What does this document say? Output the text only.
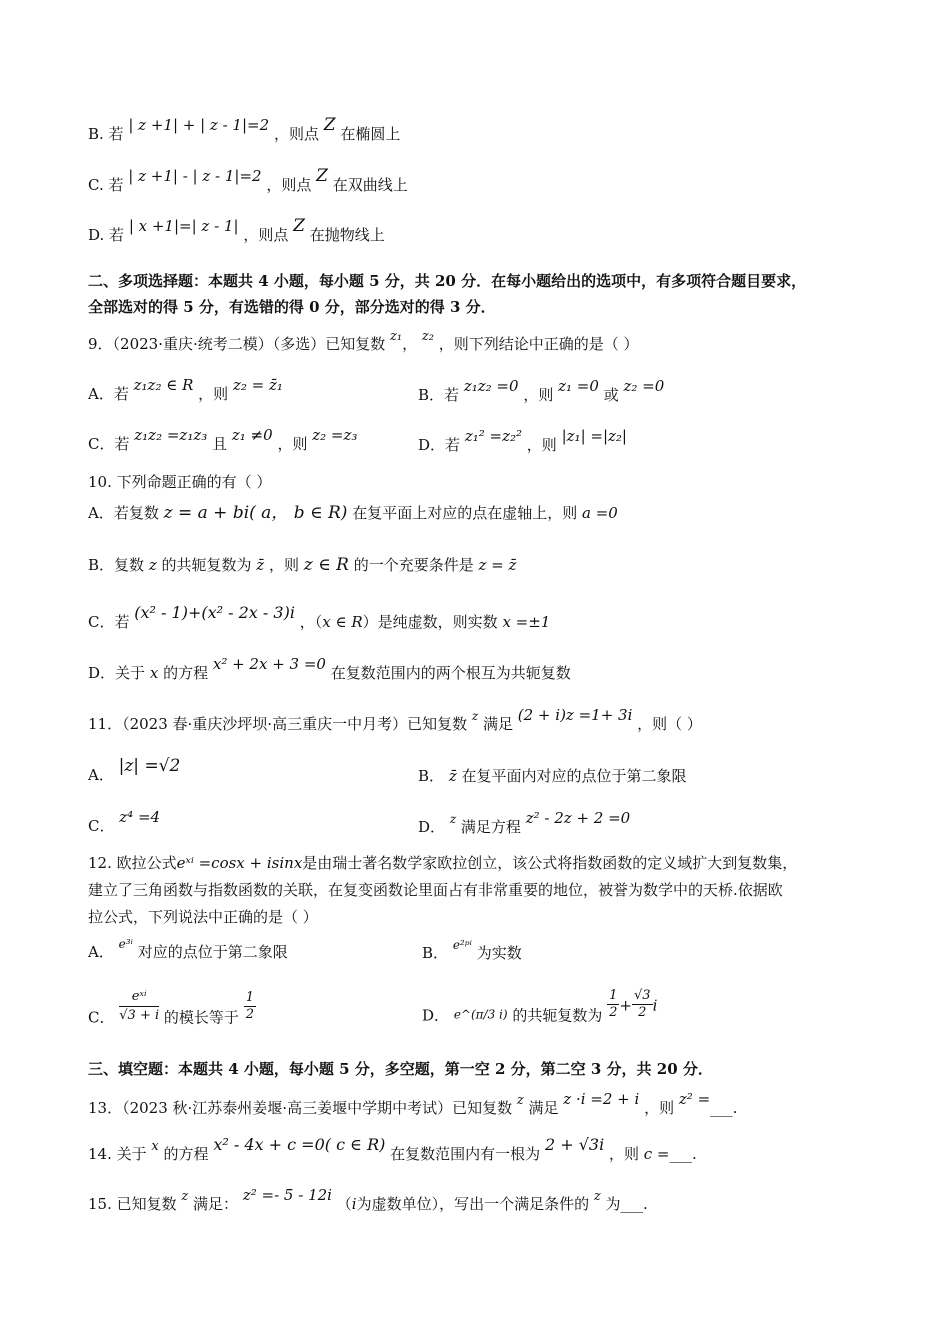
B. 若 | z +1| + | z - 1|=2 ，则点 Z 在椭圆上
C. 若 | z +1| - | z - 1|=2 ，则点 Z 在双曲线上
D. 若 | x +1|=| z - 1| ，则点 Z 在抛物线上
二、多项选择题：本题共 4 小题，每小题 5 分，共 20 分．在每小题给出的选项中，有多项符合题目要求，
全部选对的得 5 分，有选错的得 0 分，部分选对的得 3 分．
9．（2023·重庆·统考二模）（多选）已知复数 z₁， z₂ ，则下列结论中正确的是（ ）
A．若 z₁z₂ ∈ R ，则 z₂ = z̄₁
B．若 z₁z₂ =0 ，则 z₁ =0 或 z₂ =0
C．若 z₁z₂ =z₁z₃ 且 z₁ ≠0 ，则 z₂ =z₃
D．若 z₁² =z₂² ，则 |z₁| =|z₂|
10. 下列命题正确的有（ ）
A．若复数 z = a + bi( a， b ∈ R) 在复平面上对应的点在虚轴上，则 a =0
B．复数 z 的共轭复数为 z̄ ，则 z ∈ R 的一个充要条件是 z = z̄
C．若 (x² - 1)+(x² - 2x - 3)i ，（x ∈ R）是纯虚数，则实数 x =±1
D．关于 x 的方程 x² + 2x + 3 =0 在复数范围内的两个根互为共轭复数
11．（2023 春·重庆沙坪坝·高三重庆一中月考）已知复数 $^z$ 满足 (2 + i)z =1+ 3i ，则（ ）
A． |z| =√2	B． z̄ 在复平面内对应的点位于第二象限
C． z⁴ =4
D． $^z$ 满足方程 z² - 2z + 2 =0
12. 欧拉公式eˣⁱ =cosx + isinx是由瑞士著名数学家欧拉创立，该公式将指数函数的定义域扩大到复数集，
建立了三角函数与指数函数的关联，在复变函数论里面占有非常重要的地位，被誉为数学中的天桥.依据欧
拉公式，下列说法中正确的是（ ）
A． $^{e^{3i}}$ 对应的点位于第二象限	B． $^{e^2ᵖ^i}$ 为实数
C．
eˣⁱ
√3 + i 的模长等于 $\frac{1}{2}$	D． $_{e\^{}(\pi/3 i)}$ 的共轭复数为 $\frac{1}{2} + \frac{√3}{2}$ i
三、填空题：本题共 4 小题，每小题 5 分，多空题，第一空 2 分，第二空 3 分，共 20 分．
13．（2023 秋·江苏泰州姜堰·高三姜堰中学期中考试）已知复数 z 满足 z ·i =2 + i ，则 z² =___.
14. 关于 x 的方程 x² - 4x + c =0( c ∈ R) 在复数范围内有一根为 2 + √3i ，则 c =___.
15. 已知复数 z 满足： z² =- 5 - 12i （i为虚数单位），写出一个满足条件的 z 为___.
